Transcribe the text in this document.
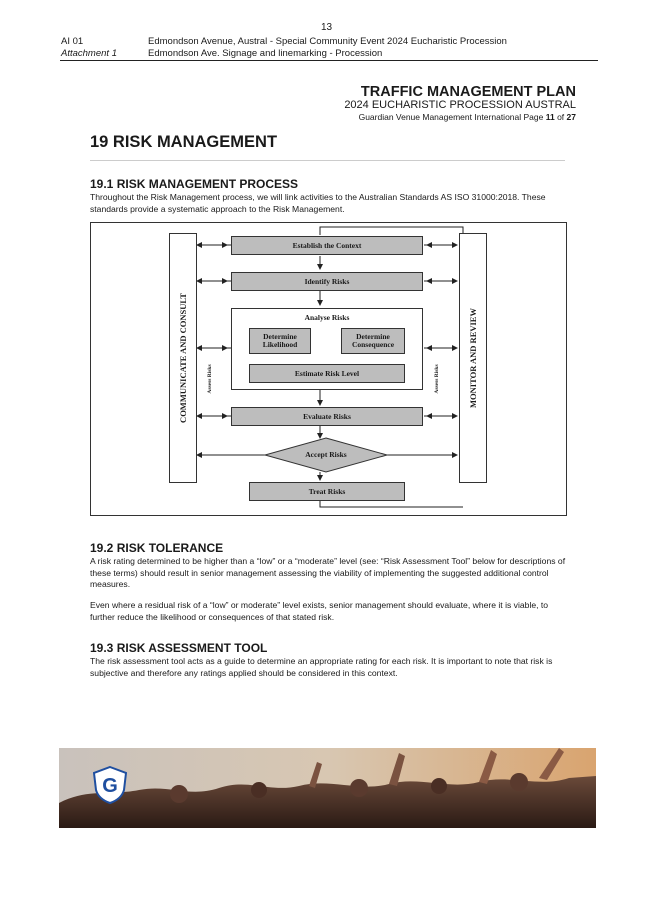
13
AI 01
Attachment 1
Edmondson Avenue, Austral - Special Community Event 2024 Eucharistic Procession
Edmondson Ave. Signage and linemarking - Procession
TRAFFIC MANAGEMENT PLAN
2024 EUCHARISTIC PROCESSION AUSTRAL
Guardian Venue Management International Page 11 of 27
19 RISK MANAGEMENT
19.1 RISK MANAGEMENT PROCESS
Throughout the Risk Management process, we will link activities to the Australian Standards AS ISO 31000:2018. These standards provide a systematic approach to the Risk Management.
COMMUNICATE AND CONSULT	MONITOR AND REVIEW
Assess Risks	Assess Risks
Establish the Context
Identify Risks
Analyse Risks
Determine Likelihood
Determine Consequence
Estimate Risk Level
Evaluate Risks
Accept Risks
Treat Risks
19.2 RISK TOLERANCE
A risk rating determined to be higher than a “low” or a “moderate” level (see: “Risk Assessment Tool” below for descriptions of these terms) should result in senior management assessing the viability of implementing the suggested additional control measures.
Even where a residual risk of a “low” or moderate” level exists, senior management should evaluate, where it is viable, to further reduce the likelihood or consequences of that stated risk.
19.3 RISK ASSESSMENT TOOL
The risk assessment tool acts as a guide to determine an appropriate rating for each risk. It is important to note that risk is subjective and therefore any ratings applied should be considered in this context.
G
